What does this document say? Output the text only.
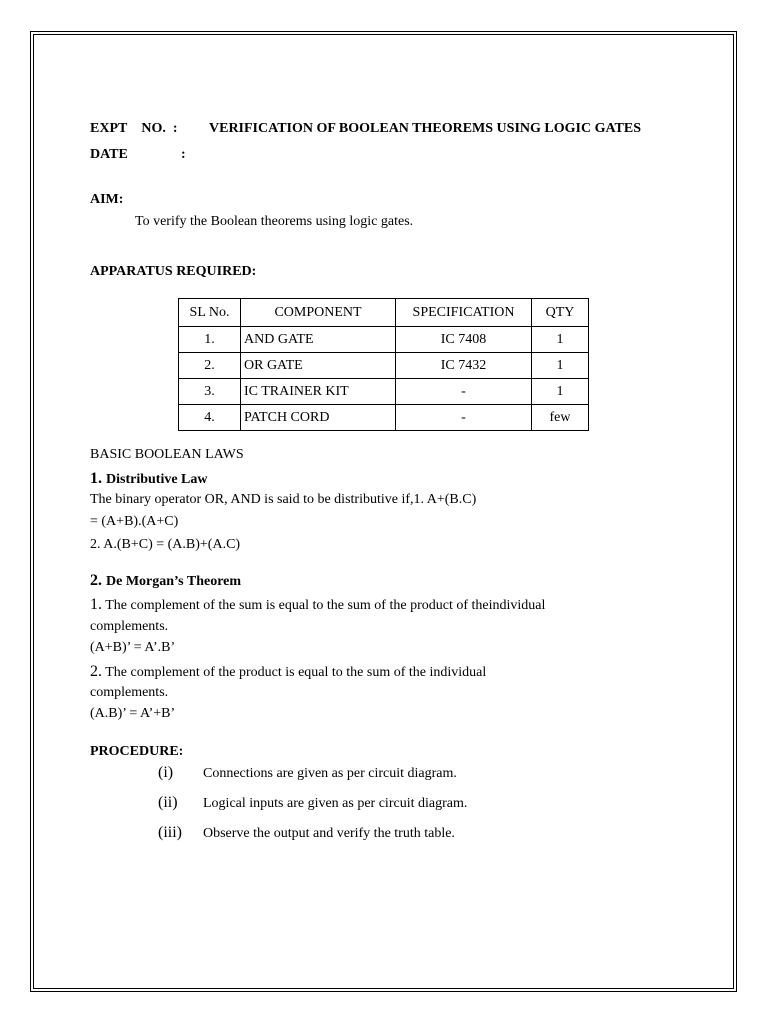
EXPT NO. : VERIFICATION OF BOOLEAN THEOREMS USING LOGIC GATES
DATE	:
AIM:
To verify the Boolean theorems using logic gates.
APPARATUS REQUIRED:
SL No.	COMPONENT	SPECIFICATION	QTY
1.	AND GATE	IC 7408	1
2.	OR GATE	IC 7432	1
3.	IC TRAINER KIT	-	1
4.	PATCH CORD	-	few
BASIC BOOLEAN LAWS
1. Distributive Law
The binary operator OR, AND is said to be distributive if,1. A+(B.C)
= (A+B).(A+C)
2. A.(B+C) = (A.B)+(A.C)
2. De Morgan’s Theorem
1. The complement of the sum is equal to the sum of the product of theindividual
complements.
(A+B)’ = A’.B’
2. The complement of the product is equal to the sum of the individual
complements.
(A.B)’ = A’+B’
PROCEDURE:
(i) Connections are given as per circuit diagram.
(ii) Logical inputs are given as per circuit diagram.
(iii) Observe the output and verify the truth table.
